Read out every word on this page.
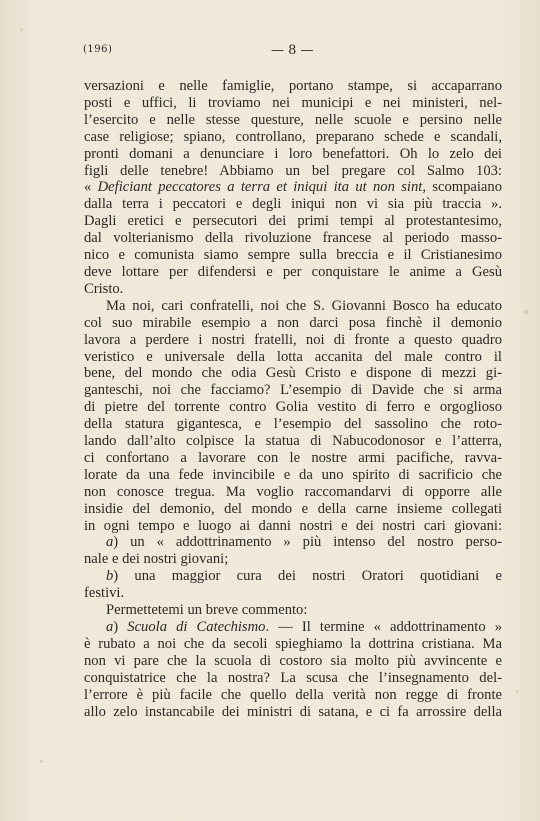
(196)	— 8 —
versazioni e nelle famiglie, portano stampe, si accaparrano
posti e uffici, li troviamo nei municipi e nei ministeri, nel-
l’esercito e nelle stesse questure, nelle scuole e persino nelle
case religiose; spiano, controllano, preparano schede e scandali,
pronti domani a denunciare i loro benefattori. Oh lo zelo dei
figli delle tenebre! Abbiamo un bel pregare col Salmo 103:
« Deficiant peccatores a terra et iniqui ita ut non sint, scompaiano
dalla terra i peccatori e degli iniqui non vi sia più traccia ».
Dagli eretici e persecutori dei primi tempi al protestantesimo,
dal volterianismo della rivoluzione francese al periodo masso-
nico e comunista siamo sempre sulla breccia e il Cristianesimo
deve lottare per difendersi e per conquistare le anime a Gesù
Cristo.
Ma noi, cari confratelli, noi che S. Giovanni Bosco ha educato
col suo mirabile esempio a non darci posa finchè il demonio
lavora a perdere i nostri fratelli, noi di fronte a questo quadro
veristico e universale della lotta accanita del male contro il
bene, del mondo che odia Gesù Cristo e dispone di mezzi gi-
ganteschi, noi che facciamo? L’esempio di Davide che si arma
di pietre del torrente contro Golia vestito di ferro e orgoglioso
della statura gigantesca, e l’esempio del sassolino che roto-
lando dall’alto colpisce la statua di Nabucodonosor e l’atterra,
ci confortano a lavorare con le nostre armi pacifiche, ravva-
lorate da una fede invincibile e da uno spirito di sacrificio che
non conosce tregua. Ma voglio raccomandarvi di opporre alle
insidie del demonio, del mondo e della carne insieme collegati
in ogni tempo e luogo ai danni nostri e dei nostri cari giovani:
a) un « addottrinamento » più intenso del nostro perso-
nale e dei nostri giovani;
b) una maggior cura dei nostri Oratori quotidiani e
festivi.
Permettetemi un breve commento:
a) Scuola di Catechismo. — Il termine « addottrinamento »
è rubato a noi che da secoli spieghiamo la dottrina cristiana. Ma
non vi pare che la scuola di costoro sia molto più avvincente e
conquistatrice che la nostra? La scusa che l’insegnamento del-
l’errore è più facile che quello della verità non regge di fronte
allo zelo instancabile dei ministri di satana, e ci fa arrossire della
